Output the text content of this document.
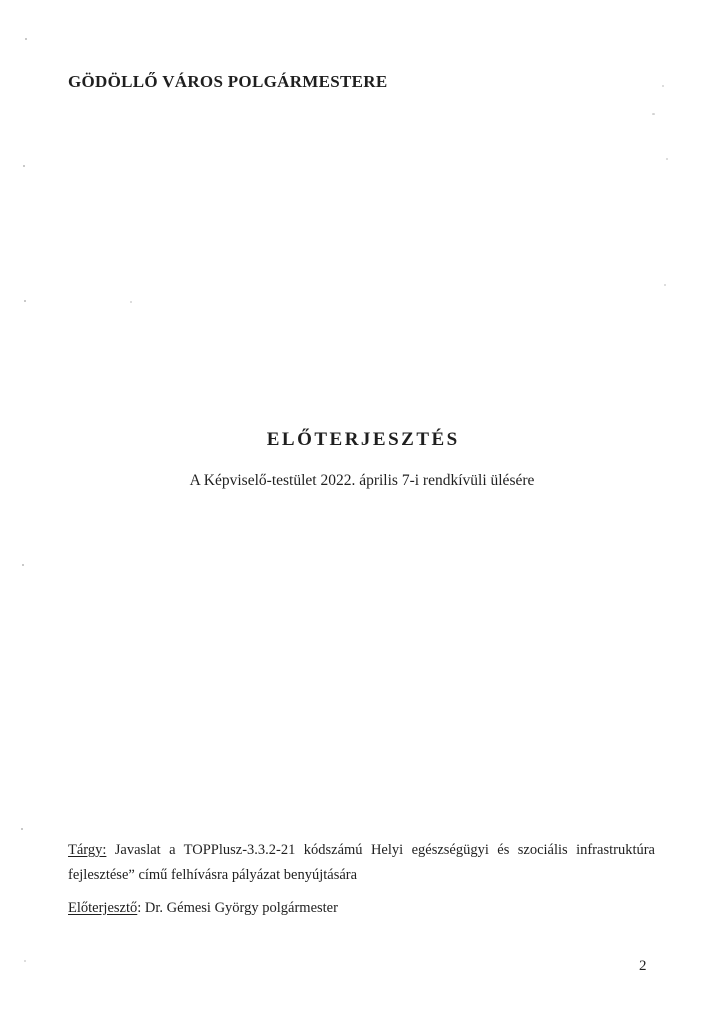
GÖDÖLLŐ VÁROS POLGÁRMESTERE
ELŐTERJESZTÉS
A Képviselő-testület 2022. április 7-i rendkívüli ülésére
Tárgy: Javaslat a TOPPlusz-3.3.2-21 kódszámú Helyi egészségügyi és szociális infrastruktúra
fejlesztése” című felhívásra pályázat benyújtására
Előterjesztő: Dr. Gémesi György polgármester
2
